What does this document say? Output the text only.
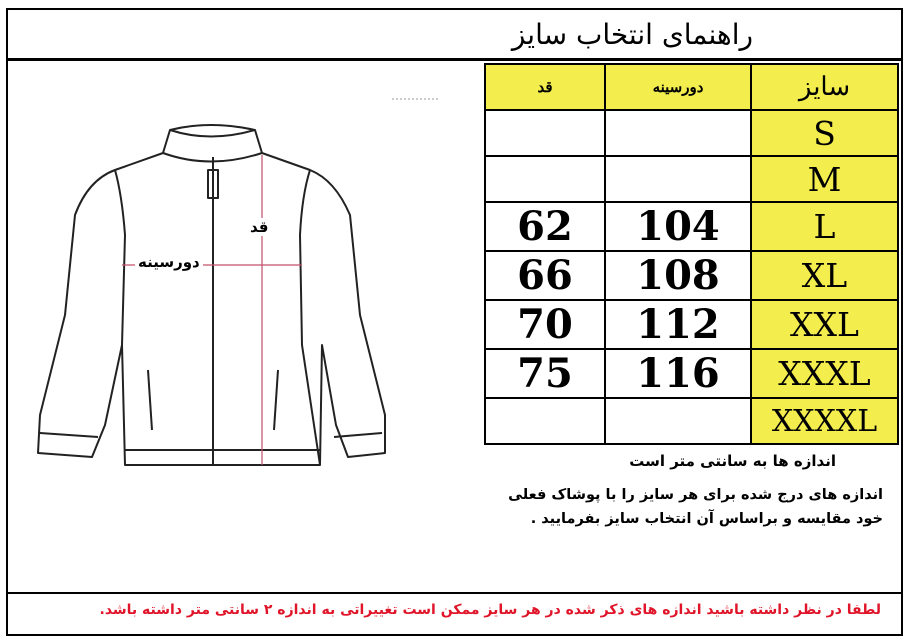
راهنمای انتخاب سایز
دورسینه
قد
قد	دورسینه	سایز
		S
		M
62	104	L
66	108	XL
70	112	XXL
75	116	XXXL
		XXXXL
اندازه ها به سانتی متر است
اندازه های درج شده برای هر سایز را با پوشاک فعلی
خود مقایسه و براساس آن انتخاب سایز بفرمایید .
لطفا در نظر داشته باشید اندازه های ذکر شده در هر سایز ممکن است تغییراتی به اندازه ۲ سانتی متر داشته باشد.
